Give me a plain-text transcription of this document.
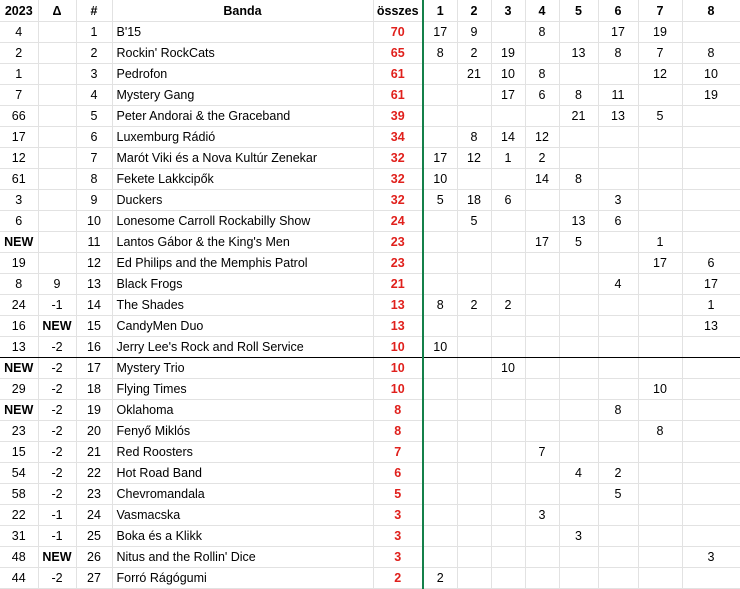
2023	Δ	#	Banda	összes	1	2	3	4	5	6	7	8
4		1	B'15	70	17	9		8		17	19	
2		2	Rockin' RockCats	65	8	2	19		13	8	7	8
1		3	Pedrofon	61		21	10	8			12	10
7		4	Mystery Gang	61			17	6	8	11		19
66		5	Peter Andorai & the Graceband	39					21	13	5	
17		6	Luxemburg Rádió	34		8	14	12				
12		7	Marót Viki és a Nova Kultúr Zenekar	32	17	12	1	2				
61		8	Fekete Lakkcipők	32	10			14	8			
3		9	Duckers	32	5	18	6			3		
6		10	Lonesome Carroll Rockabilly Show	24		5			13	6		
NEW		11	Lantos Gábor & the King's Men	23				17	5		1	
19		12	Ed Philips and the Memphis Patrol	23							17	6
8	9	13	Black Frogs	21						4		17
24	-1	14	The Shades	13	8	2	2					1
16	NEW	15	CandyMen Duo	13								13
13	-2	16	Jerry Lee's Rock and Roll Service	10	10							
NEW	-2	17	Mystery Trio	10			10					
29	-2	18	Flying Times	10							10	
NEW	-2	19	Oklahoma	8						8		
23	-2	20	Fenyő Miklós	8							8	
15	-2	21	Red Roosters	7				7				
54	-2	22	Hot Road Band	6					4	2		
58	-2	23	Chevromandala	5						5		
22	-1	24	Vasmacska	3				3				
31	-1	25	Boka és a Klikk	3					3			
48	NEW	26	Nitus and the Rollin' Dice	3								3
44	-2	27	Forró Rágógumi	2	2							
